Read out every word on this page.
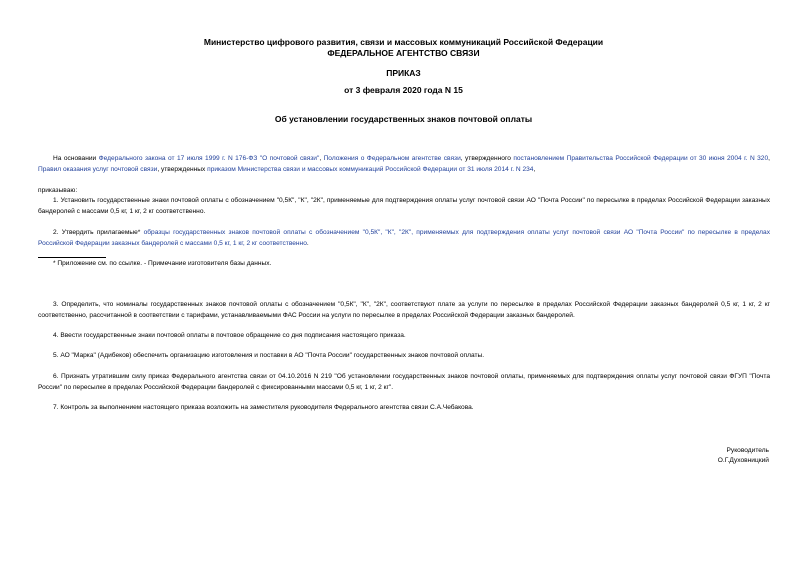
Министерство цифрового развития, связи и массовых коммуникаций Российской Федерации
ФЕДЕРАЛЬНОЕ АГЕНТСТВО СВЯЗИ
ПРИКАЗ
от 3 февраля 2020 года N 15
Об установлении государственных знаков почтовой оплаты
На основании Федерального закона от 17 июля 1999 г. N 176-ФЗ "О почтовой связи", Положения о Федеральном агентстве связи, утвержденного постановлением Правительства Российской Федерации от 30 июня 2004 г. N 320, Правил оказания услуг почтовой связи, утвержденных приказом Министерства связи и массовых коммуникаций Российской Федерации от 31 июля 2014 г. N 234,
приказываю:
1. Установить государственные знаки почтовой оплаты с обозначением "0,5К", "К", "2К", применяемые для подтверждения оплаты услуг почтовой связи АО "Почта России" по пересылке в пределах Российской Федерации заказных бандеролей с массами 0,5 кг, 1 кг, 2 кг соответственно.
2. Утвердить прилагаемые* образцы государственных знаков почтовой оплаты с обозначением "0,5К", "К", "2К", применяемых для подтверждения оплаты услуг почтовой связи АО "Почта России" по пересылке в пределах Российской Федерации заказных бандеролей с массами 0,5 кг, 1 кг, 2 кг соответственно.
* Приложение см. по ссылке. - Примечание изготовителя базы данных.
3. Определить, что номиналы государственных знаков почтовой оплаты с обозначением "0,5К", "К", "2К", соответствуют плате за услуги по пересылке в пределах Российской Федерации заказных бандеролей 0,5 кг, 1 кг, 2 кг соответственно, рассчитанной в соответствии с тарифами, устанавливаемыми ФАС России на услуги по пересылке в пределах Российской Федерации заказных бандеролей.
4. Ввести государственные знаки почтовой оплаты в почтовое обращение со дня подписания настоящего приказа.
5. АО "Марка" (Адибеков) обеспечить организацию изготовления и поставки в АО "Почта России" государственных знаков почтовой оплаты.
6. Признать утратившим силу приказ Федерального агентства связи от 04.10.2016 N 219 "Об установлении государственных знаков почтовой оплаты, применяемых для подтверждения оплаты услуг почтовой связи ФГУП "Почта России" по пересылке в пределах Российской Федерации бандеролей с фиксированными массами 0,5 кг, 1 кг, 2 кг".
7. Контроль за выполнением настоящего приказа возложить на заместителя руководителя Федерального агентства связи С.А.Чебакова.
Руководитель
О.Г.Духовницкий
